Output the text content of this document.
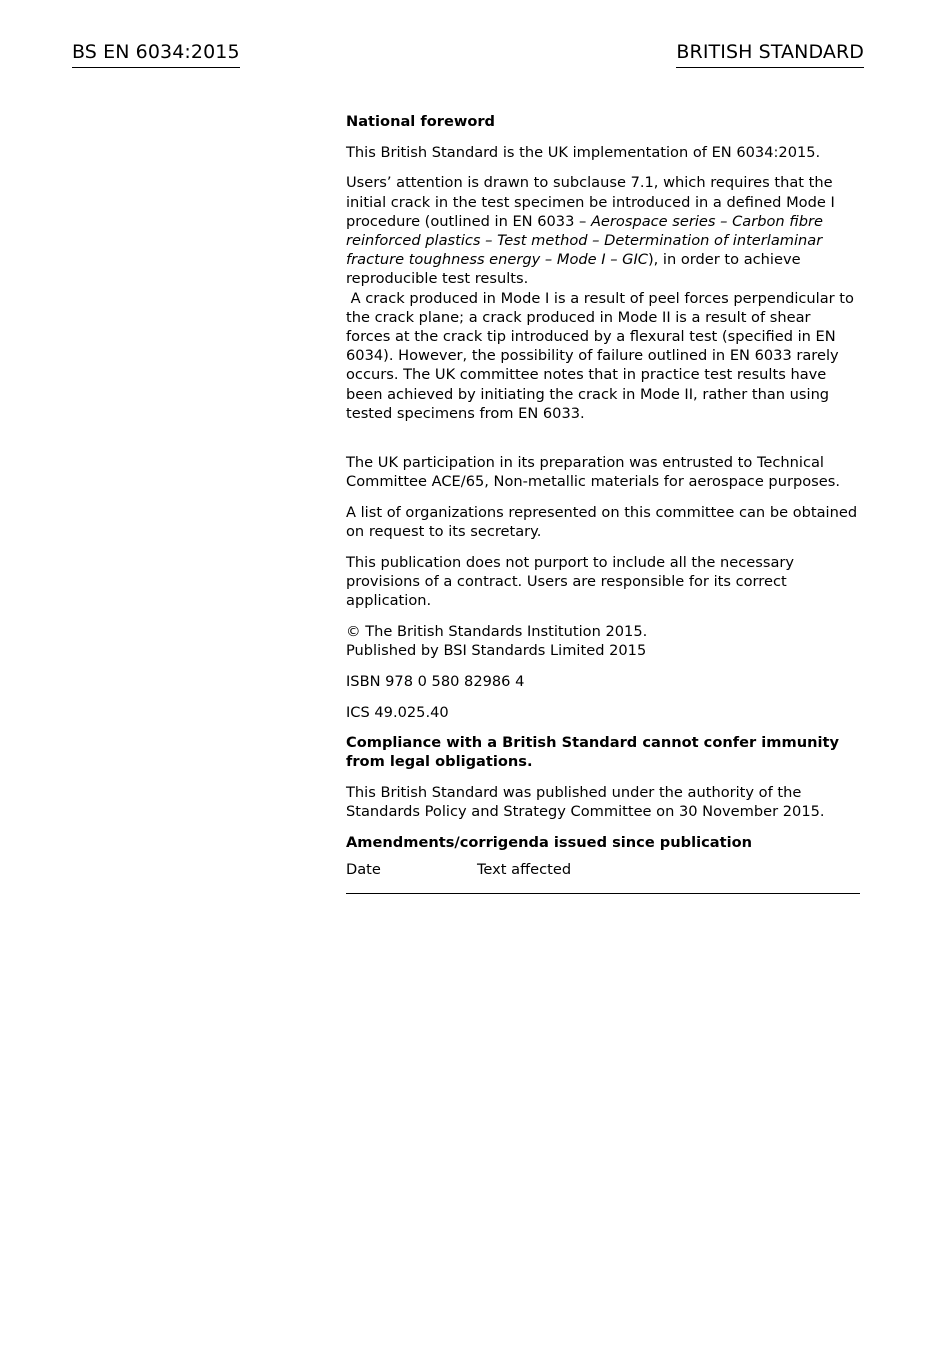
BS EN 6034:2015	BRITISH STANDARD

National foreword

This British Standard is the UK implementation of EN 6034:2015.

Users’ attention is drawn to subclause 7.1, which requires that the initial crack in the test specimen be introduced in a defined Mode I procedure (outlined in EN 6033 – Aerospace series – Carbon fibre reinforced plastics – Test method – Determination of interlaminar fracture toughness energy – Mode I – GIC), in order to achieve reproducible test results.
A crack produced in Mode I is a result of peel forces perpendicular to the crack plane; a crack produced in Mode II is a result of shear forces at the crack tip introduced by a flexural test (specified in EN 6034). However, the possibility of failure outlined in EN 6033 rarely occurs. The UK committee notes that in practice test results have been achieved by initiating the crack in Mode II, rather than using tested specimens from EN 6033.

The UK participation in its preparation was entrusted to Technical Committee ACE/65, Non-metallic materials for aerospace purposes.

A list of organizations represented on this committee can be obtained on request to its secretary.

This publication does not purport to include all the necessary provisions of a contract. Users are responsible for its correct application.

© The British Standards Institution 2015.
Published by BSI Standards Limited 2015

ISBN 978 0 580 82986 4

ICS 49.025.40

Compliance with a British Standard cannot confer immunity from legal obligations.

This British Standard was published under the authority of the Standards Policy and Strategy Committee on 30 November 2015.

Amendments/corrigenda issued since publication

Date	Text affected
